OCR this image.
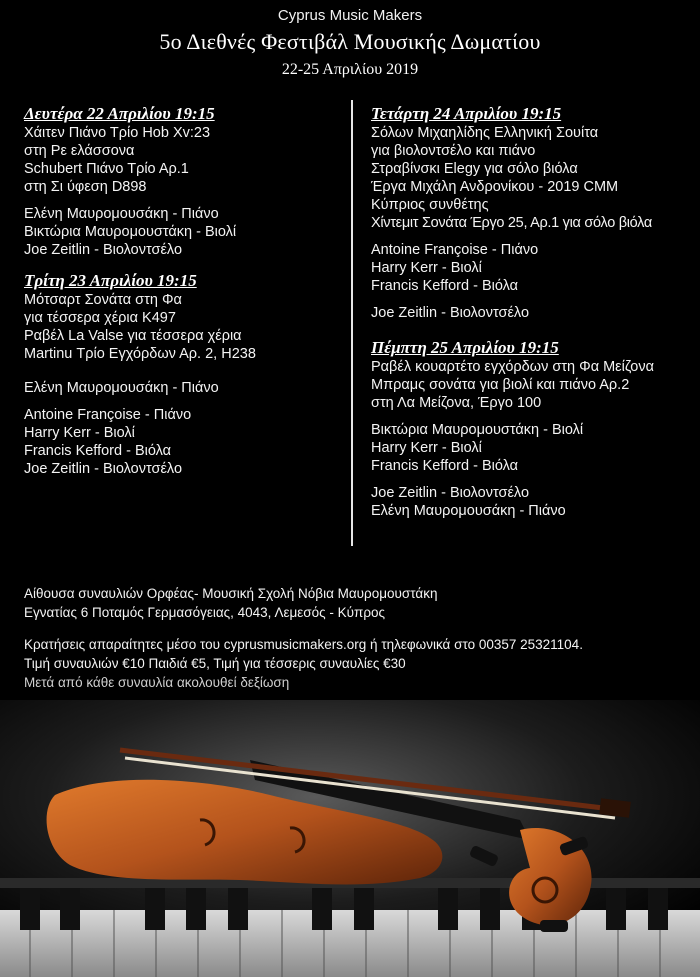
Cyprus Music Makers
5ο Διεθνές Φεστιβάλ Μουσικής Δωματίου
22-25 Απριλίου 2019
Δευτέρα 22 Απριλίου 19:15
Χάιτεν Πιάνο Τρίο Hob Xv:23
στη Ρε ελάσσονα
Schubert Πιάνο Τρίο Αρ.1
στη Σι ύφεση D898
Ελένη Μαυρομουσάκη - Πιάνο
Βικτώρια Μαυρομουστάκη - Βιολί
Joe Zeitlin - Βιολοντσέλο
Τρίτη 23 Απριλίου 19:15
Μότσαρτ Σονάτα στη Φα
για τέσσερα χέρια K497
Ραβέλ La Valse για τέσσερα χέρια
Martinu Τρίο Εγχόρδων Αρ. 2, H238
Ελένη Μαυρομουσάκη - Πιάνο
Antoine Françoise - Πιάνο
Harry Kerr - Βιολί
Francis Kefford - Βιόλα
Joe Zeitlin - Βιολοντσέλο
Τετάρτη 24 Απριλίου 19:15
Σόλων Μιχαηλίδης Ελληνική Σουίτα
για βιολοντσέλο και πιάνο
Στραβίνσκι Elegy για σόλο βιόλα
Έργα Μιχάλη Ανδρονίκου - 2019 CMM
Κύπριος συνθέτης
Χίντεμιτ Σονάτα Έργο 25, Αρ.1 για σόλο βιόλα
Antoine Françoise - Πιάνο
Harry Kerr - Βιολί
Francis Kefford - Βιόλα
Joe Zeitlin - Βιολοντσέλο
Πέμπτη 25 Απριλίου 19:15
Ραβέλ κουαρτέτο εγχόρδων στη Φα Μείζονα
Μπραμς σονάτα για βιολί και πιάνο Αρ.2
στη Λα Μείζονα, Έργο 100
Βικτώρια Μαυρομουστάκη - Βιολί
Harry Kerr - Βιολί
Francis Kefford - Βιόλα
Joe Zeitlin - Βιολοντσέλο
Ελένη Μαυρομουσάκη - Πιάνο
Αίθουσα συναυλιών Ορφέας- Μουσική Σχολή Νόβια Μαυρομουστάκη
Εγνατίας 6 Ποταμός Γερμασόγειας, 4043, Λεμεσός - Κύπρος
Κρατήσεις απαραίτητες μέσο του cyprusmusicmakers.org ή τηλεφωνικά στο 00357 25321104.
Τιμή συναυλιών €10 Παιδιά €5, Τιμή για τέσσερις συναυλίες €30
Μετά από κάθε συναυλία ακολουθεί δεξίωση
